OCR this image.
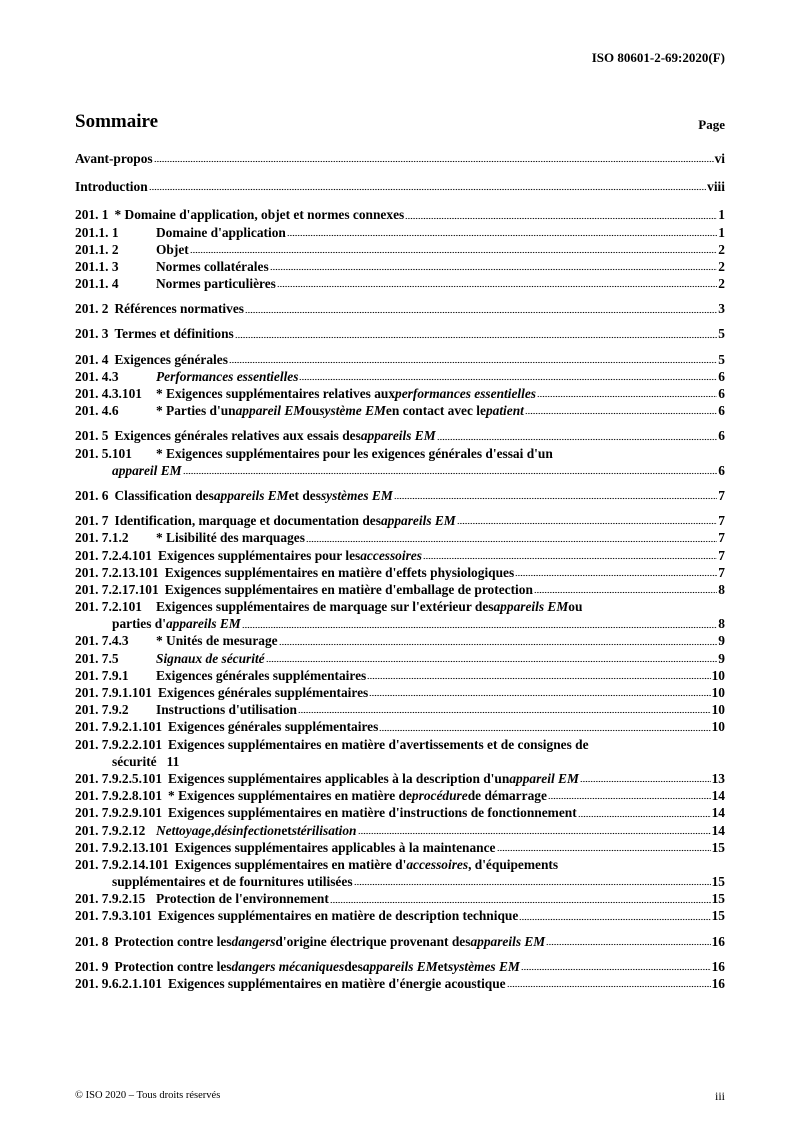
ISO 80601-2-69:2020(F)
Sommaire	Page
Avant-propos	vi
Introduction	viii
201. 1 * Domaine d'application, objet et normes connexes	1
201.1. 1	Domaine d'application	1
201.1. 2	Objet	2
201.1. 3	Normes collatérales	2
201.1. 4	Normes particulières	2
201. 2 Références normatives	3
201. 3 Termes et définitions	5
201. 4 Exigences générales	5
201. 4.3	Performances essentielles	6
201. 4.3.101	* Exigences supplémentaires relatives aux performances essentielles	6
201. 4.6	* Parties d'un appareil EM ou système EM en contact avec le patient	6
201. 5 Exigences générales relatives aux essais des appareils EM	6
201. 5.101	* Exigences supplémentaires pour les exigences générales d'essai d'un
appareil EM	6
201. 6 Classification des appareils EM et des systèmes EM	7
201. 7 Identification, marquage et documentation des appareils EM	7
201. 7.1.2	* Lisibilité des marquages	7
201. 7.2.4.101 Exigences supplémentaires pour les accessoires	7
201. 7.2.13.101 Exigences supplémentaires en matière d'effets physiologiques	7
201. 7.2.17.101 Exigences supplémentaires en matière d'emballage de protection	8
201. 7.2.101	Exigences supplémentaires de marquage sur l'extérieur des appareils EM ou
parties d' appareils EM	8
201. 7.4.3	* Unités de mesurage	9
201. 7.5	Signaux de sécurité	9
201. 7.9.1	Exigences générales supplémentaires	10
201. 7.9.1.101 Exigences générales supplémentaires	10
201. 7.9.2	Instructions d'utilisation	10
201. 7.9.2.1.101 Exigences générales supplémentaires	10
201. 7.9.2.2.101 Exigences supplémentaires en matière d'avertissements et de consignes de
sécurité 11
201. 7.9.2.5.101 Exigences supplémentaires applicables à la description d'un appareil EM	13
201. 7.9.2.8.101 * Exigences supplémentaires en matière de procédure de démarrage	14
201. 7.9.2.9.101 Exigences supplémentaires en matière d'instructions de fonctionnement	14
201. 7.9.2.12 Nettoyage , désinfection et stérilisation	14
201. 7.9.2.13.101 Exigences supplémentaires applicables à la maintenance	15
201. 7.9.2.14.101 Exigences supplémentaires en matière d' accessoires , d'équipements
supplémentaires et de fournitures utilisées	15
201. 7.9.2.15 Protection de l'environnement	15
201. 7.9.3.101 Exigences supplémentaires en matière de description technique	15
201. 8 Protection contre les dangers d'origine électrique provenant des appareils EM	16
201. 9 Protection contre les dangers mécaniques des appareils EM et systèmes EM	16
201. 9.6.2.1.101 Exigences supplémentaires en matière d'énergie acoustique	16
© ISO 2020 – Tous droits réservés	iii
